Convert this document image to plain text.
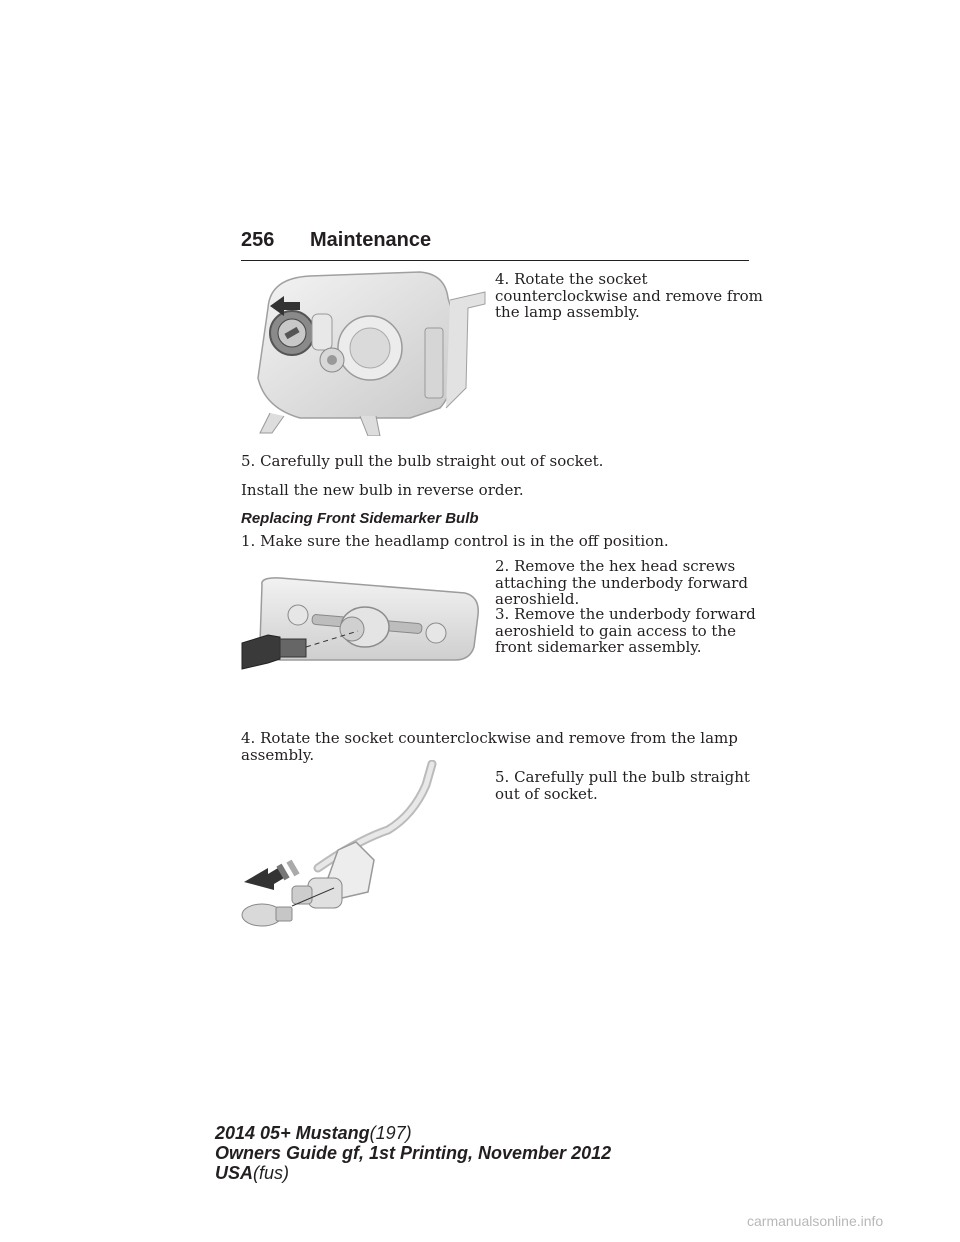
256 Maintenance
4. Rotate the socket
counterclockwise and remove from
the lamp assembly.
5. Carefully pull the bulb straight out of socket.
Install the new bulb in reverse order.
Replacing Front Sidemarker Bulb
1. Make sure the headlamp control is in the off position.
2. Remove the hex head screws
attaching the underbody forward
aeroshield.
3. Remove the underbody forward
aeroshield to gain access to the
front sidemarker assembly.
4. Rotate the socket counterclockwise and remove from the lamp
assembly.
5. Carefully pull the bulb straight
out of socket.
2014 05+ Mustang(197)
Owners Guide gf, 1st Printing, November 2012
USA(fus)
carmanualsonline.info
